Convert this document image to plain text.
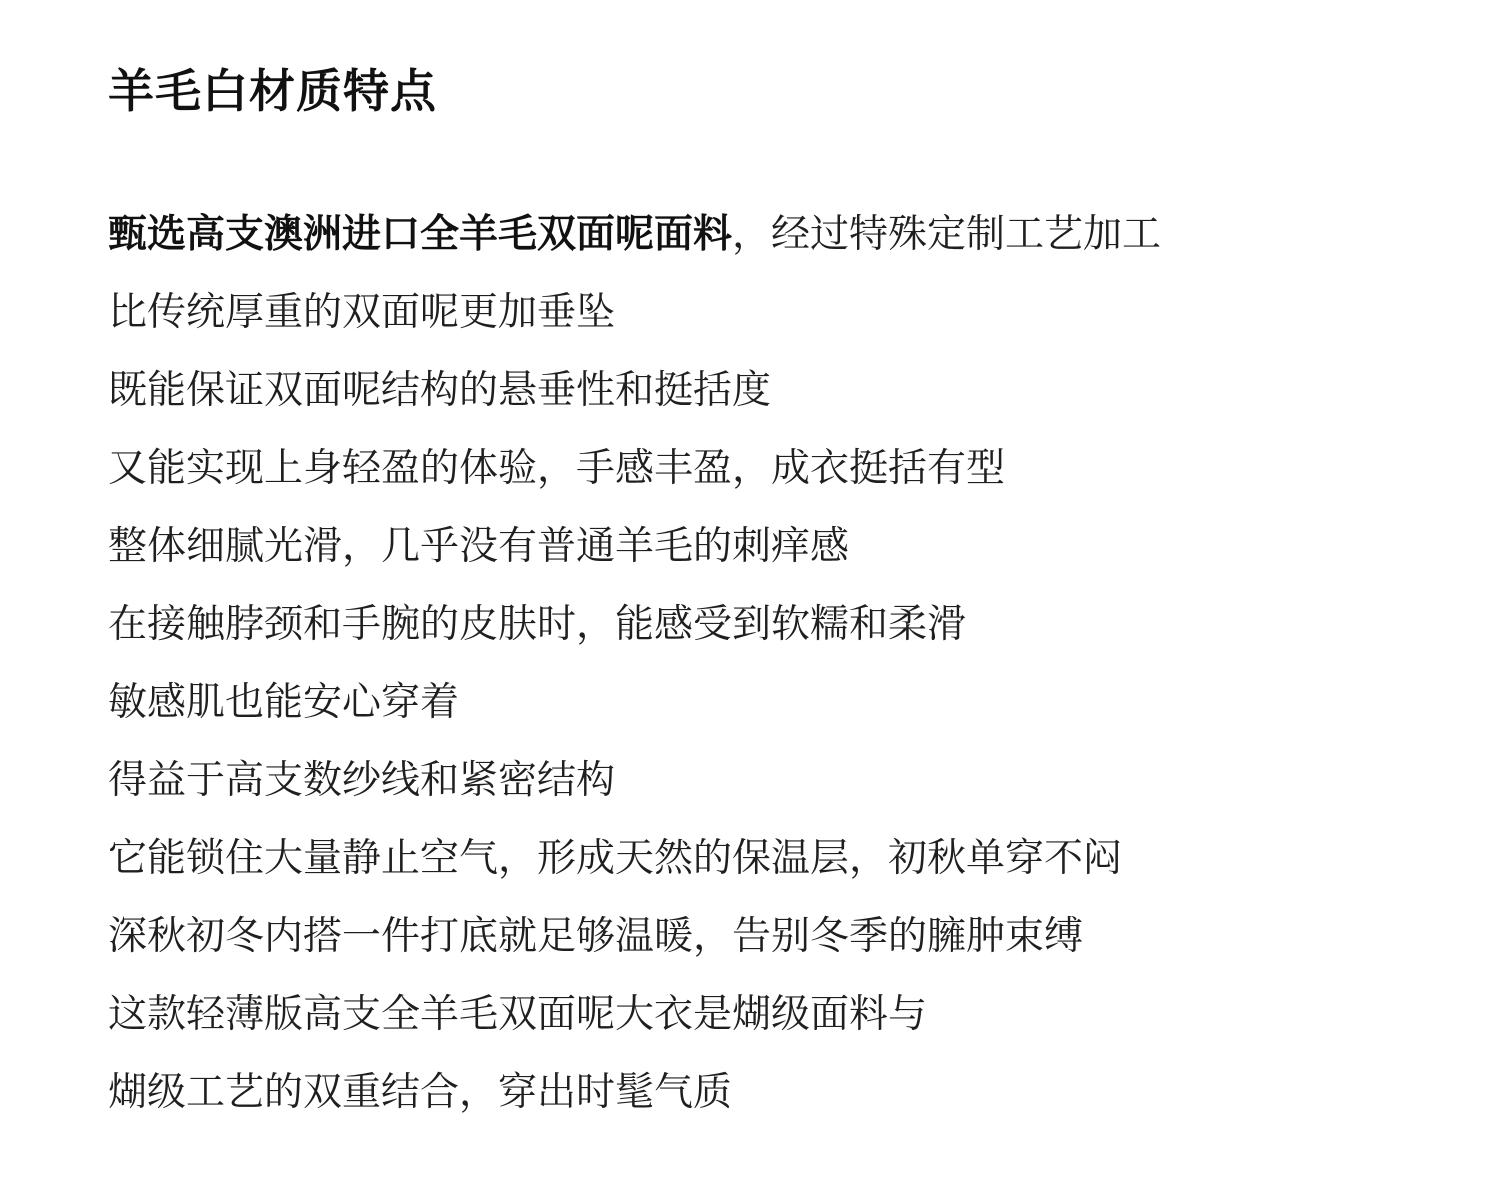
羊毛白材质特点
甄选高支澳洲进口全羊毛双面呢面料，经过特殊定制工艺加工
比传统厚重的双面呢更加垂坠
既能保证双面呢结构的悬垂性和挺括度
又能实现上身轻盈的体验，手感丰盈，成衣挺括有型
整体细腻光滑，几乎没有普通羊毛的刺痒感
在接触脖颈和手腕的皮肤时，能感受到软糯和柔滑
敏感肌也能安心穿着
得益于高支数纱线和紧密结构
它能锁住大量静止空气，形成天然的保温层，初秋单穿不闷
深秋初冬内搭一件打底就足够温暖，告别冬季的臃肿束缚
这款轻薄版高支全羊毛双面呢大衣是煳级面料与
煳级工艺的双重结合，穿出时髦气质
